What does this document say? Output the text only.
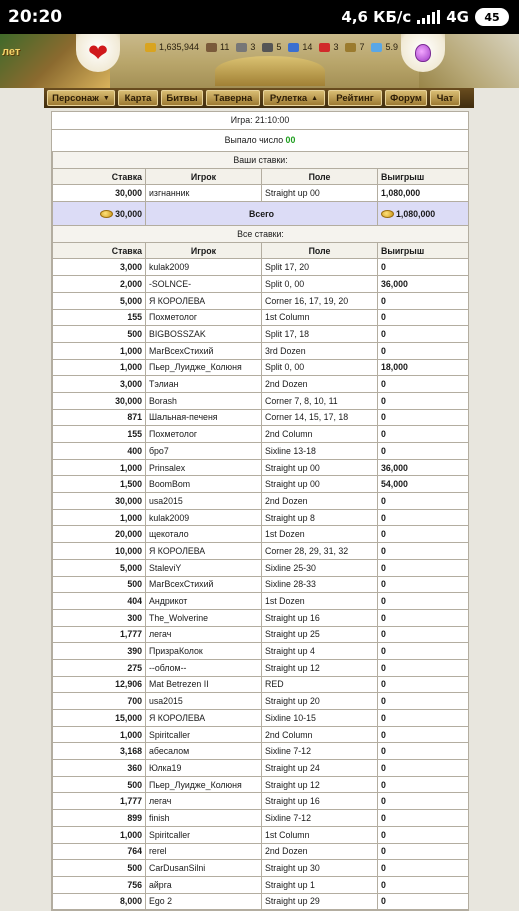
20:20	4,6 КБ/с 4G 45
лет	❤	1,635,944 11 3 5 14 3 7 5.9
Персонаж ▼ Карта Битвы Таверна Рулетка ▲ Рейтинг Форум Чат
Игра: 21:10:00
Выпало число 00
Ваши ставки:			
Ставка	Игрок	Поле	Выигрыш
30,000	изгнанник	Straight up 00	1,080,000
30,000	Всего		1,080,000
Все ставки:			
Ставка	Игрок	Поле	Выигрыш
3,000	kulak2009	Split 17, 20	0
2,000	-SOLNCE-	Split 0, 00	36,000
5,000	Я КОРОЛЕВА	Corner 16, 17, 19, 20	0
155	Похметолог	1st Column	0
500	BIGBOSSZAK	Split 17, 18	0
1,000	МагВсехСтихий	3rd Dozen	0
1,000	Пьер_Луидже_Колюня	Split 0, 00	18,000
3,000	Тэлиан	2nd Dozen	0
30,000	Borash	Corner 7, 8, 10, 11	0
871	Шальная-печеня	Corner 14, 15, 17, 18	0
155	Похметолог	2nd Column	0
400	бро7	Sixline 13-18	0
1,000	Prinsalex	Straight up 00	36,000
1,500	BoomBom	Straight up 00	54,000
30,000	usa2015	2nd Dozen	0
1,000	kulak2009	Straight up 8	0
20,000	щекотало	1st Dozen	0
10,000	Я КОРОЛЕВА	Corner 28, 29, 31, 32	0
5,000	StaleviY	Sixline 25-30	0
500	МагВсехСтихий	Sixline 28-33	0
404	Андрикот	1st Dozen	0
300	The_Wolverine	Straight up 16	0
1,777	легач	Straight up 25	0
390	ПризраКолок	Straight up 4	0
275	--облом--	Straight up 12	0
12,906	Mat Betrezen II	RED	0
700	usa2015	Straight up 20	0
15,000	Я КОРОЛЕВА	Sixline 10-15	0
1,000	Spiritcaller	2nd Column	0
3,168	абесалом	Sixline 7-12	0
360	Юлка19	Straight up 24	0
500	Пьер_Луидже_Колюня	Straight up 12	0
1,777	легач	Straight up 16	0
899	finish	Sixline 7-12	0
1,000	Spiritcaller	1st Column	0
764	rerel	2nd Dozen	0
500	CarDusanSilni	Straight up 30	0
756	айрга	Straight up 1	0
8,000	Ego 2	Straight up 29	0
